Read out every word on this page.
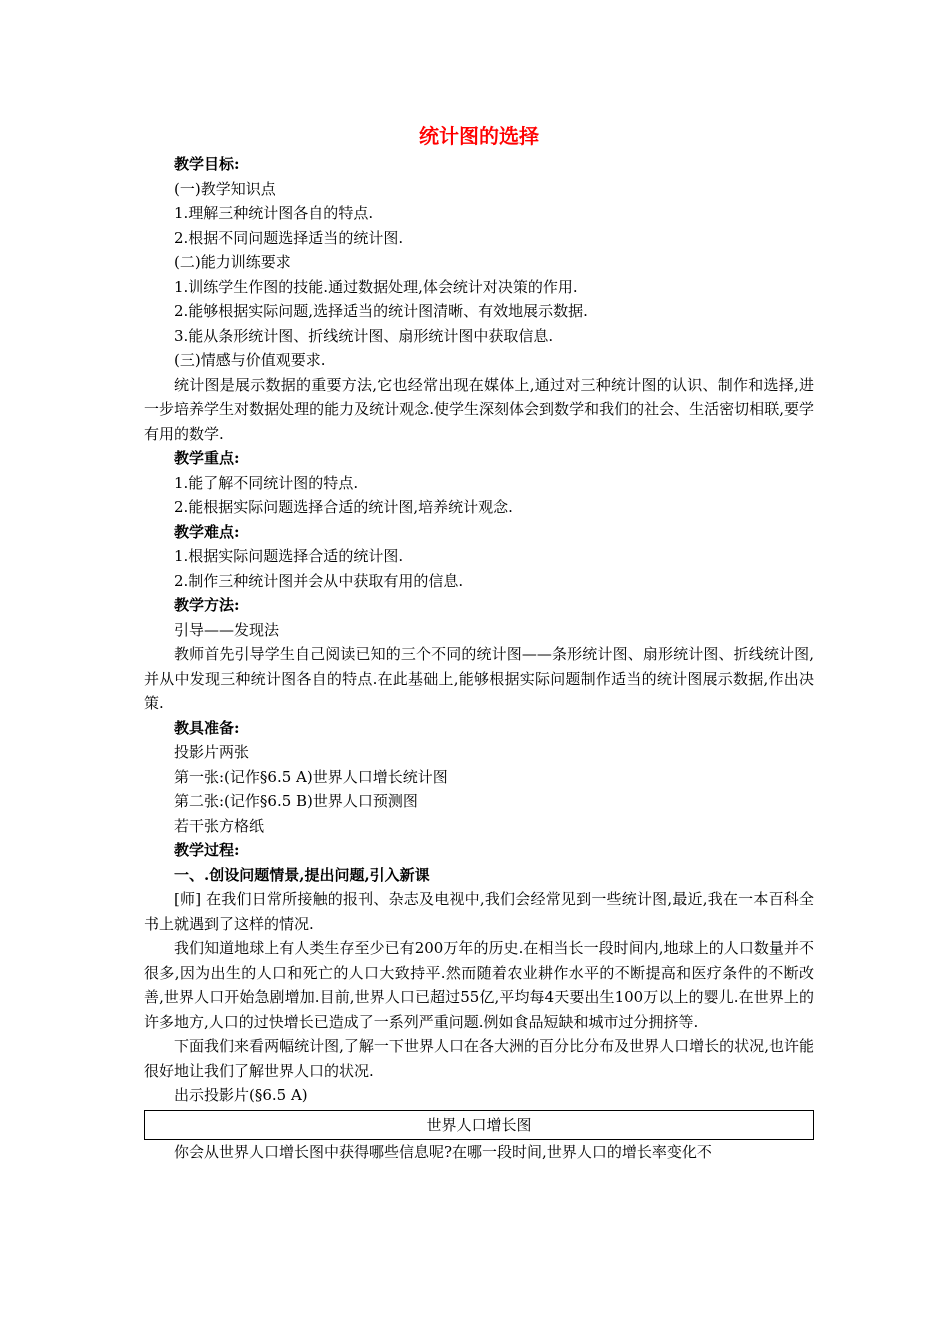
统计图的选择
教学目标:
(一)教学知识点
1.理解三种统计图各自的特点.
2.根据不同问题选择适当的统计图.
(二)能力训练要求
1.训练学生作图的技能.通过数据处理,体会统计对决策的作用.
2.能够根据实际问题,选择适当的统计图清晰、有效地展示数据.
3.能从条形统计图、折线统计图、扇形统计图中获取信息.
(三)情感与价值观要求.

统计图是展示数据的重要方法,它也经常出现在媒体上,通过对三种统计图的认识、制作和选择,进一步培养学生对数据处理的能力及统计观念.使学生深刻体会到数学和我们的社会、生活密切相联,要学有用的数学.

教学重点:
1.能了解不同统计图的特点.
2.能根据实际问题选择合适的统计图,培养统计观念.
教学难点:
1.根据实际问题选择合适的统计图.
2.制作三种统计图并会从中获取有用的信息.
教学方法:
引导——发现法

教师首先引导学生自己阅读已知的三个不同的统计图——条形统计图、扇形统计图、折线统计图,并从中发现三种统计图各自的特点.在此基础上,能够根据实际问题制作适当的统计图展示数据,作出决策.

教具准备:
投影片两张
第一张:(记作§6.5 A)世界人口增长统计图
第二张:(记作§6.5 B)世界人口预测图
若干张方格纸
教学过程:
一、.创设问题情景,提出问题,引入新课

[师] 在我们日常所接触的报刊、杂志及电视中,我们会经常见到一些统计图,最近,我在一本百科全书上就遇到了这样的情况.

我们知道地球上有人类生存至少已有200万年的历史.在相当长一段时间内,地球上的人口数量并不很多,因为出生的人口和死亡的人口大致持平.然而随着农业耕作水平的不断提高和医疗条件的不断改善,世界人口开始急剧增加.目前,世界人口已超过55亿,平均每4天要出生100万以上的婴儿.在世界上的许多地方,人口的过快增长已造成了一系列严重问题.例如食品短缺和城市过分拥挤等.

下面我们来看两幅统计图,了解一下世界人口在各大洲的百分比分布及世界人口增长的状况,也许能很好地让我们了解世界人口的状况.

出示投影片(§6.5 A)
世界人口增长图
你会从世界人口增长图中获得哪些信息呢?在哪一段时间,世界人口的增长率变化不
